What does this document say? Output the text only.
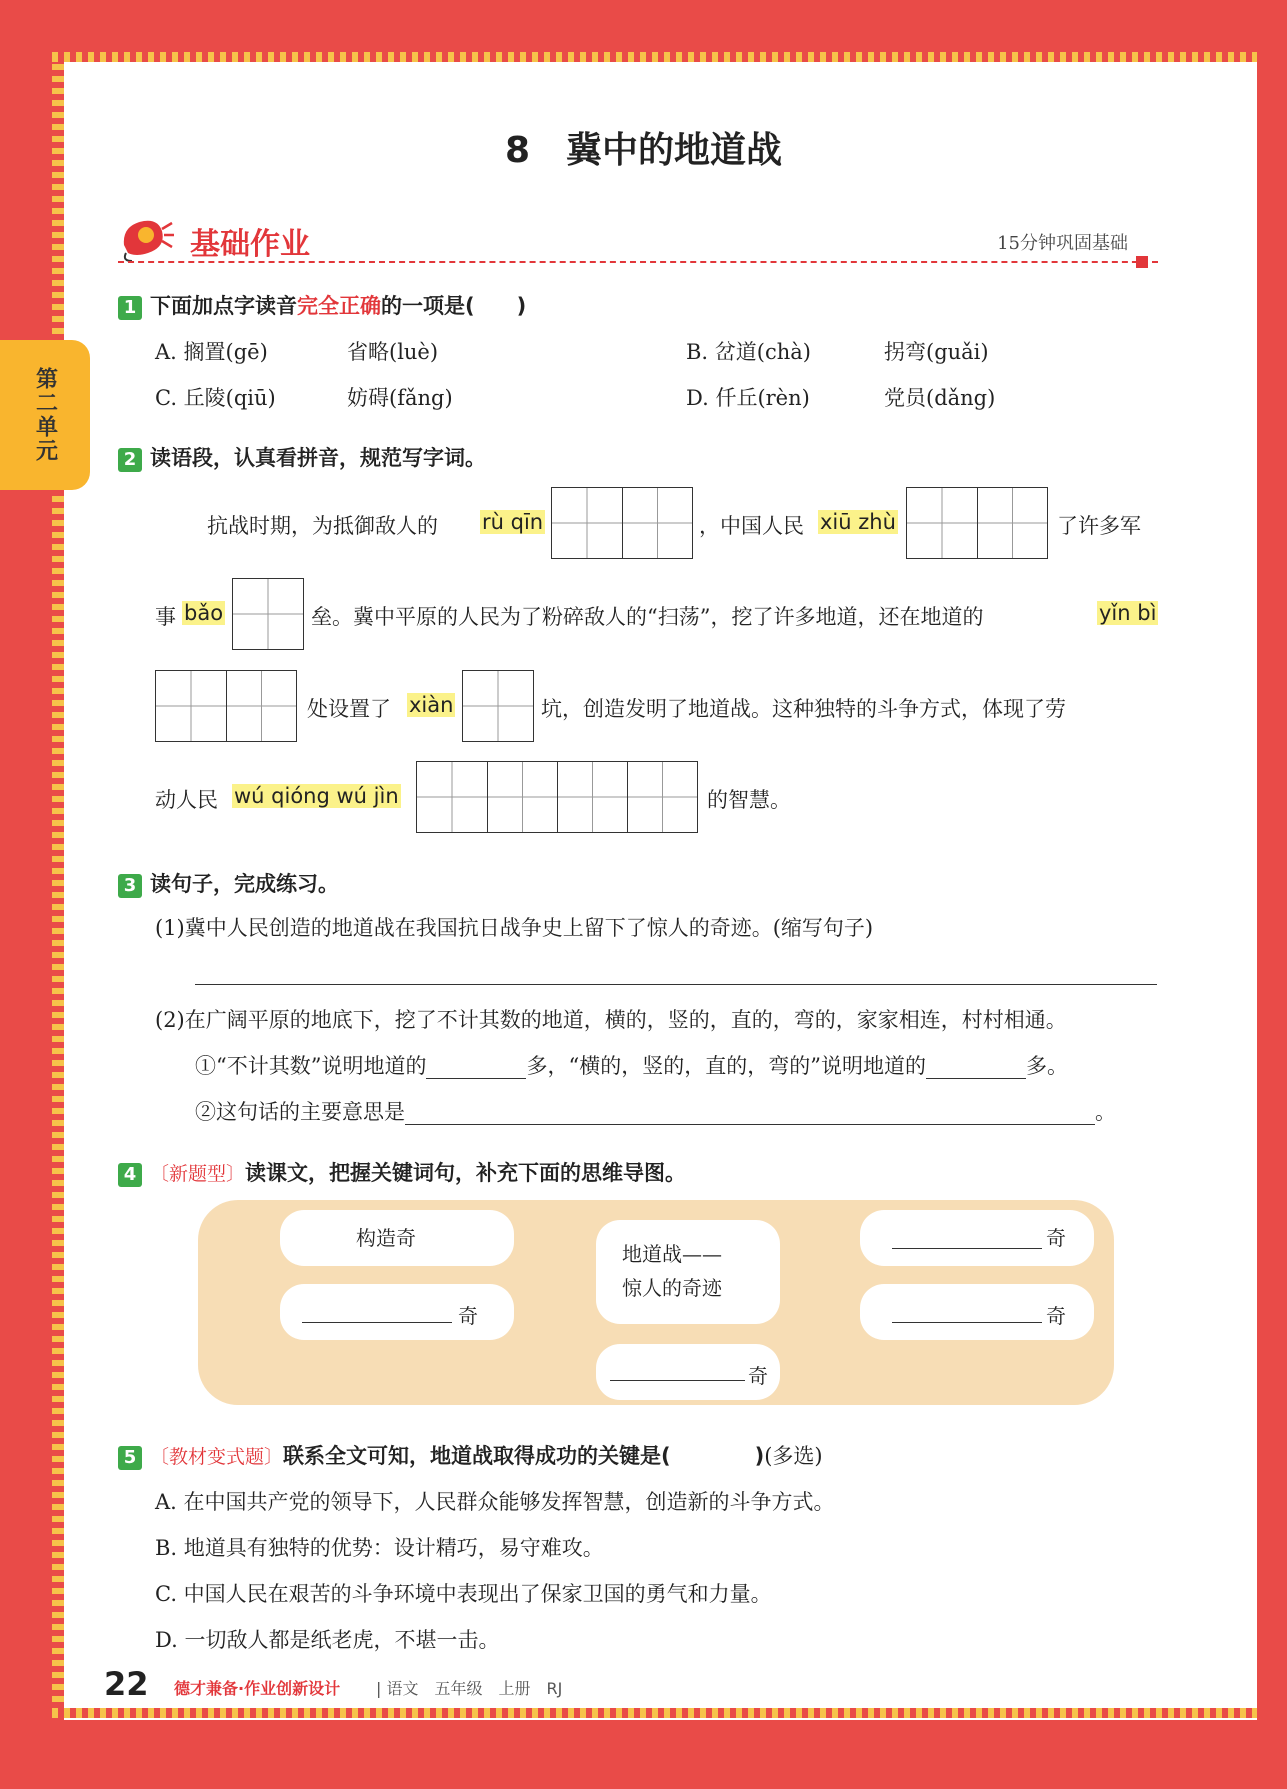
第二单元
8　冀中的地道战
基础作业	15分钟巩固基础
1 下面加点字读音完全正确的一项是(　　)
A. 搁置(gē)	省略(luè)	B. 岔道(chà)	拐弯(guǎi)
C. 丘陵(qiū)	妨碍(fǎng)	D. 仟丘(rèn)	党员(dǎng)
2 读语段，认真看拼音，规范写字词。
抗战时期，为抵御敌人的 rù qīn	，中国人民 xiū zhù	了许多军
事 bǎo	垒。冀中平原的人民为了粉碎敌人的“扫荡”，挖了许多地道，还在地道的	yǐn bì
处设置了 xiàn	坑，创造发明了地道战。这种独特的斗争方式，体现了劳
动人民 wú qióng wú jìn	的智慧。
3 读句子，完成练习。
(1)冀中人民创造的地道战在我国抗日战争史上留下了惊人的奇迹。(缩写句子)
(2)在广阔平原的地底下，挖了不计其数的地道，横的，竖的，直的，弯的，家家相连，村村相通。
①“不计其数”说明地道的	多，“横的，竖的，直的，弯的”说明地道的	多。
②这句话的主要意思是	。
4 〔新题型〕读课文，把握关键词句，补充下面的思维导图。
构造奇
奇
地道战——
惊人的奇迹
奇
奇
奇
5 〔教材变式题〕联系全文可知，地道战取得成功的关键是(　　　　)(多选)
A. 在中国共产党的领导下，人民群众能够发挥智慧，创造新的斗争方式。
B. 地道具有独特的优势：设计精巧，易守难攻。
C. 中国人民在艰苦的斗争环境中表现出了保家卫国的勇气和力量。
D. 一切敌人都是纸老虎，不堪一击。
22 德才兼备·作业创新设计 | 语文　五年级　上册　RJ
